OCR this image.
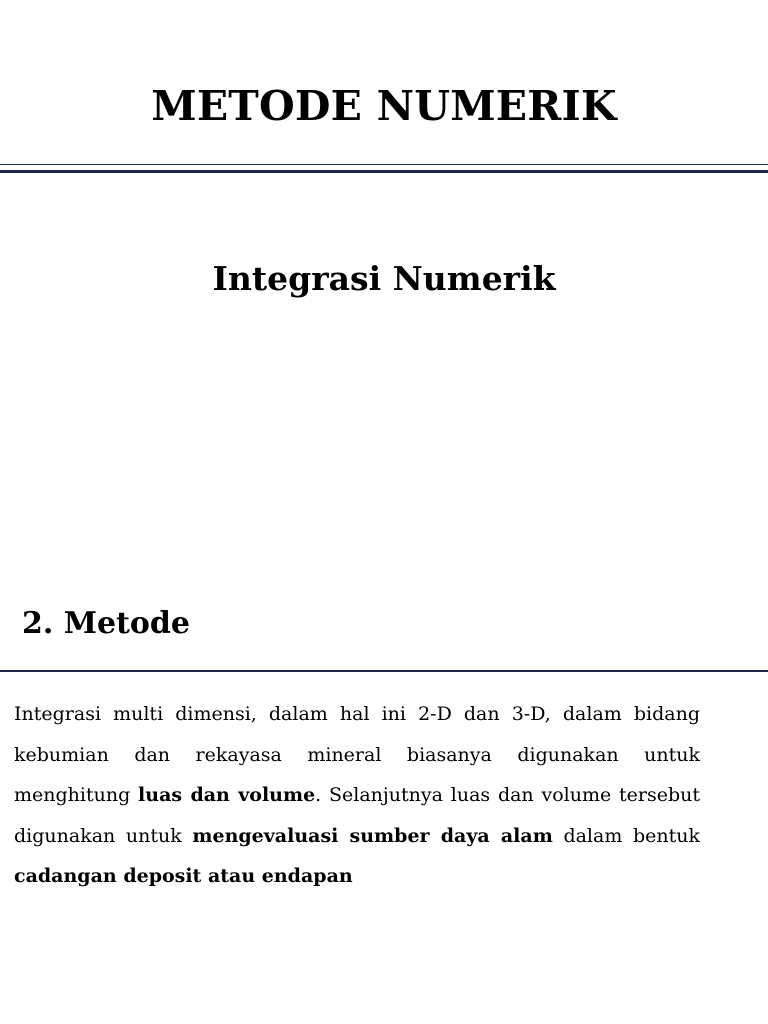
METODE NUMERIK
Integrasi Numerik
2. Metode

Integrasi multi dimensi, dalam hal ini 2-D dan 3-D, dalam bidang kebumian dan rekayasa mineral biasanya digunakan untuk menghitung luas dan volume. Selanjutnya luas dan volume tersebut digunakan untuk mengevaluasi sumber daya alam dalam bentuk cadangan deposit atau endapan
